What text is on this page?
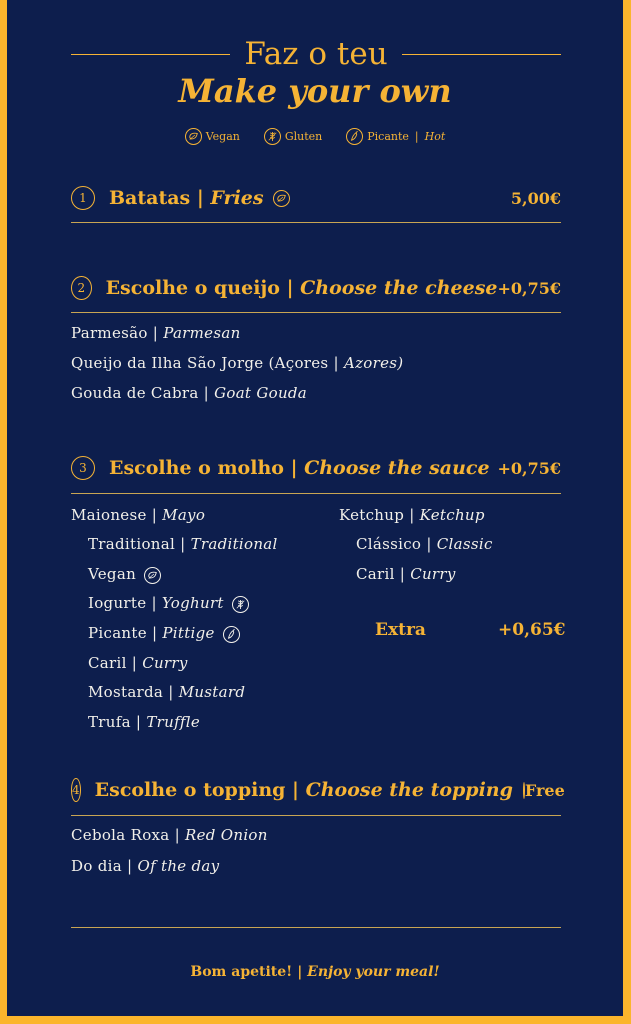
Faz o teu
Make your own
Vegan	Gluten	Picante | Hot
1	Batatas | Fries	5,00€
2	Escolhe o queijo | Choose the cheese +0,75€
Parmesão | Parmesan
Queijo da Ilha São Jorge (Açores | Azores)
Gouda de Cabra | Goat Gouda
3	Escolhe o molho | Choose the sauce +0,75€
Maionese | Mayo
Traditional | Traditional
Vegan
Iogurte | Yoghurt
Picante | Pittige
Caril | Curry
Mostarda | Mustard
Trufa | Truffle
Ketchup | Ketchup
Clássico | Classic
Caril | Curry
Extra	+0,65€
4 Escolhe o topping | Choose the topping Free
Cebola Roxa | Red Onion
Do dia | Of the day
Bom apetite! | Enjoy your meal!
